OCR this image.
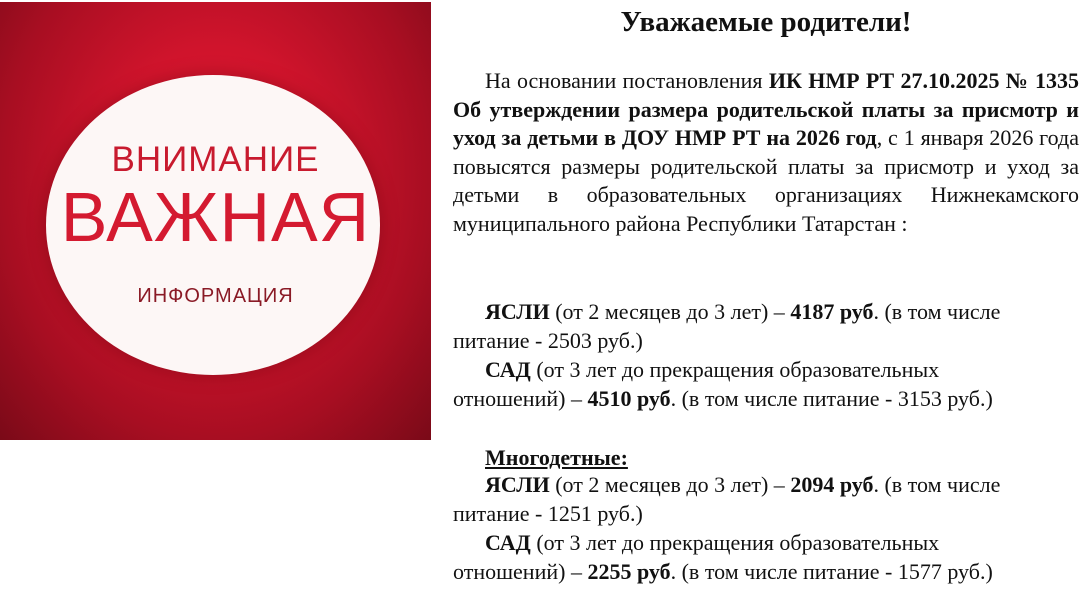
ВНИМАНИЕ
ВАЖНАЯ
ИНФОРМАЦИЯ
Уважаемые родители!
На основании постановления ИК НМР РТ 27.10.2025 № 1335 Об утверждении размера родительской платы за присмотр и уход за детьми в ДОУ НМР РТ на 2026 год, с 1 января 2026 года повысятся размеры родительской платы за присмотр и уход за детьми в образовательных организациях Нижнекамского муниципального района Республики Татарстан :
ЯСЛИ (от 2 месяцев до 3 лет) – 4187 руб. (в том числе питание - 2503 руб.)
САД (от 3 лет до прекращения образовательных отношений) – 4510 руб. (в том числе питание - 3153 руб.)
Многодетные:
ЯСЛИ (от 2 месяцев до 3 лет) – 2094 руб. (в том числе питание - 1251 руб.)
САД (от 3 лет до прекращения образовательных отношений) – 2255 руб. (в том числе питание - 1577 руб.)
